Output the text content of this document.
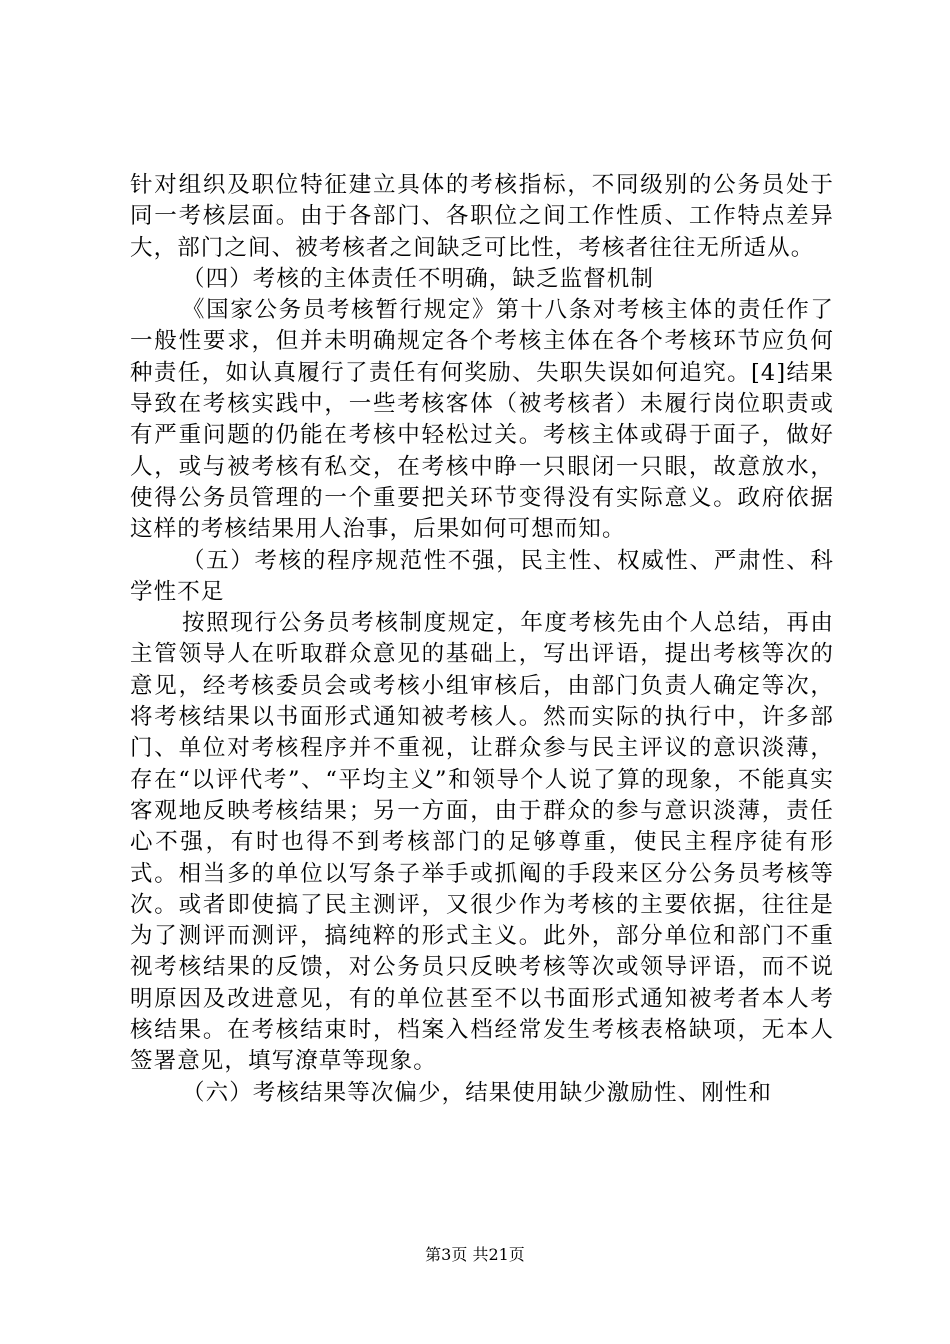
针对组织及职位特征建立具体的考核指标，不同级别的公务员处于同一考核层面。由于各部门、各职位之间工作性质、工作特点差异大，部门之间、被考核者之间缺乏可比性，考核者往往无所适从。

（四）考核的主体责任不明确，缺乏监督机制

《国家公务员考核暂行规定》第十八条对考核主体的责任作了一般性要求，但并未明确规定各个考核主体在各个考核环节应负何种责任，如认真履行了责任有何奖励、失职失误如何追究。[4]结果导致在考核实践中，一些考核客体（被考核者）未履行岗位职责或有严重问题的仍能在考核中轻松过关。考核主体或碍于面子，做好人，或与被考核有私交，在考核中睁一只眼闭一只眼，故意放水，使得公务员管理的一个重要把关环节变得没有实际意义。政府依据这样的考核结果用人治事，后果如何可想而知。

（五）考核的程序规范性不强，民主性、权威性、严肃性、科学性不足

按照现行公务员考核制度规定，年度考核先由个人总结，再由主管领导人在听取群众意见的基础上，写出评语，提出考核等次的意见，经考核委员会或考核小组审核后，由部门负责人确定等次，将考核结果以书面形式通知被考核人。然而实际的执行中，许多部门、单位对考核程序并不重视，让群众参与民主评议的意识淡薄，存在“以评代考”、“平均主义”和领导个人说了算的现象，不能真实客观地反映考核结果；另一方面，由于群众的参与意识淡薄，责任心不强，有时也得不到考核部门的足够尊重，使民主程序徒有形式。相当多的单位以写条子举手或抓阄的手段来区分公务员考核等次。或者即使搞了民主测评，又很少作为考核的主要依据，往往是为了测评而测评，搞纯粹的形式主义。此外，部分单位和部门不重视考核结果的反馈，对公务员只反映考核等次或领导评语，而不说明原因及改进意见，有的单位甚至不以书面形式通知被考者本人考核结果。在考核结束时，档案入档经常发生考核表格缺项，无本人签署意见，填写潦草等现象。

（六）考核结果等次偏少，结果使用缺少激励性、刚性和

第3页 共21页
